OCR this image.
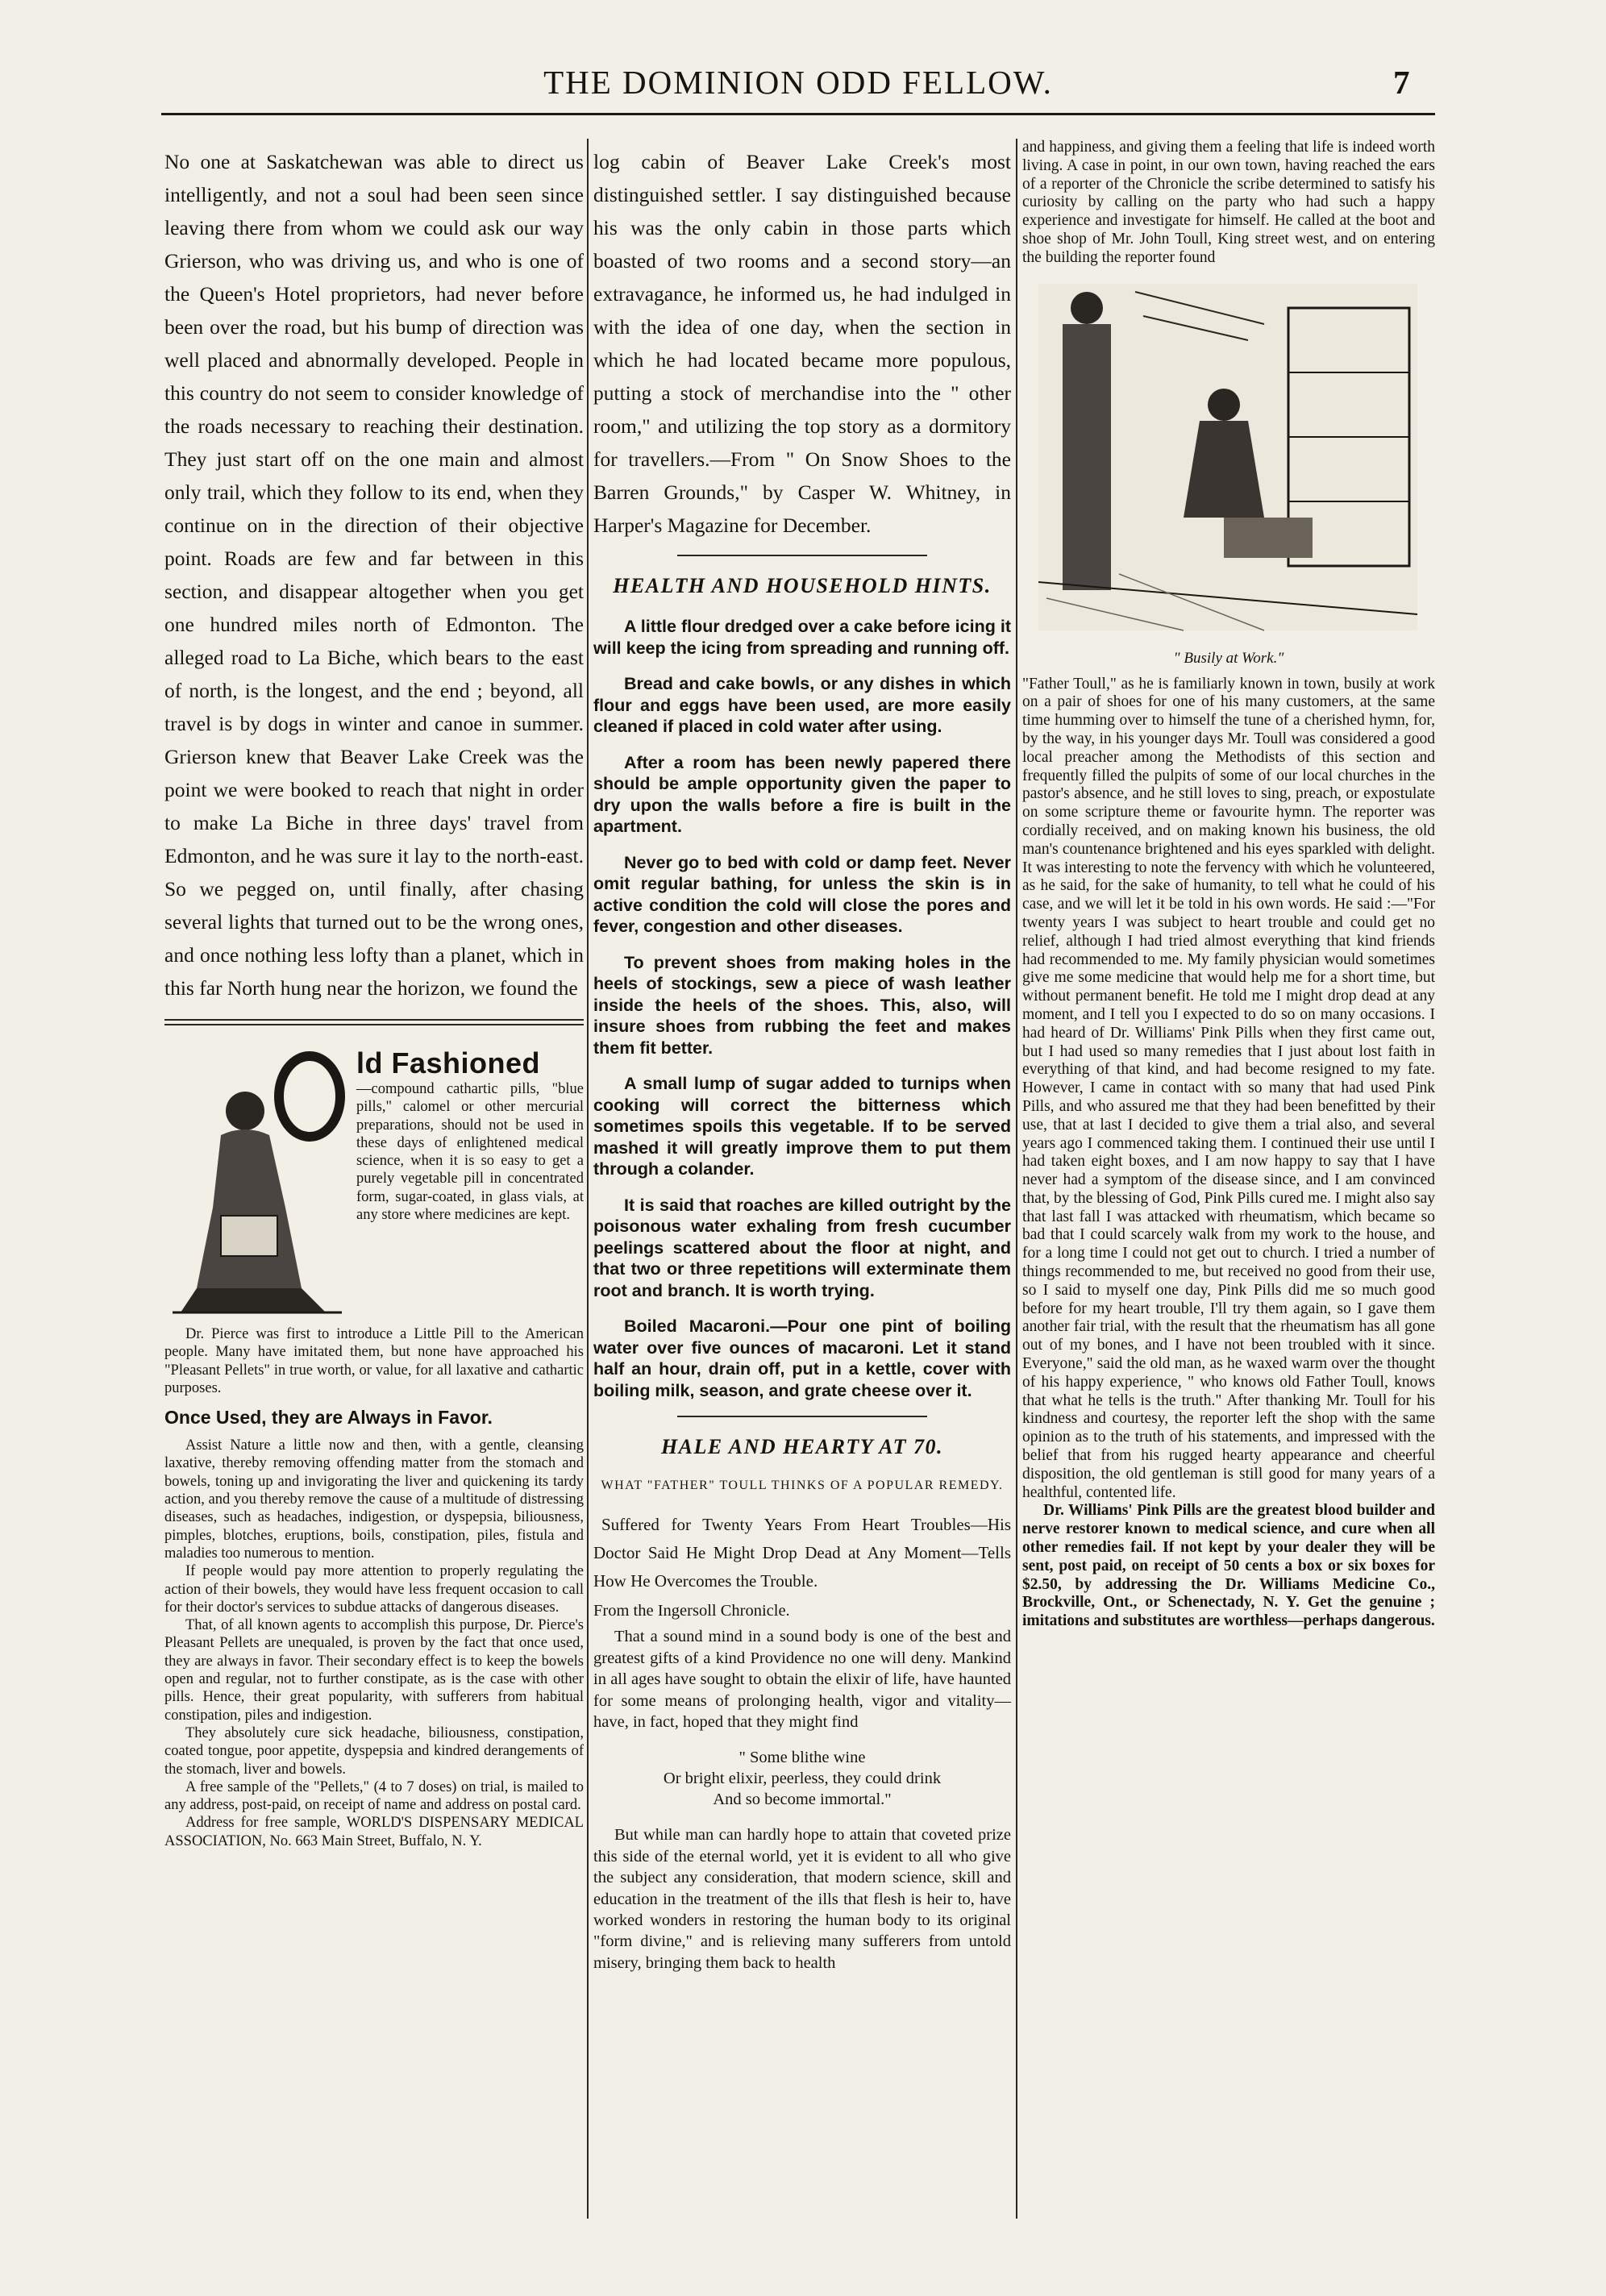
THE DOMINION ODD FELLOW.	7

No one at Saskatchewan was able to direct us intelligently, and not a soul had been seen since leaving there from whom we could ask our way Grierson, who was driving us, and who is one of the Queen's Hotel proprietors, had never before been over the road, but his bump of direction was well placed and abnormally developed. People in this country do not seem to consider knowledge of the roads necessary to reaching their destination. They just start off on the one main and almost only trail, which they follow to its end, when they continue on in the direction of their objective point. Roads are few and far between in this section, and disappear altogether when you get one hundred miles north of Edmonton. The alleged road to La Biche, which bears to the east of north, is the longest, and the end ; beyond, all travel is by dogs in winter and canoe in summer. Grierson knew that Beaver Lake Creek was the point we were booked to reach that night in order to make La Biche in three days' travel from Edmonton, and he was sure it lay to the north-east. So we pegged on, until finally, after chasing several lights that turned out to be the wrong ones, and once nothing less lofty than a planet, which in this far North hung near the horizon, we found the

ld Fashioned

—compound cathartic pills, "blue pills," calomel or other mercurial preparations, should not be used in these days of enlightened medical science, when it is so easy to get a purely vegetable pill in concentrated form, sugar-coated, in glass vials, at any store where medicines are kept.

Dr. Pierce was first to introduce a Little Pill to the American people. Many have imitated them, but none have approached his "Pleasant Pellets" in true worth, or value, for all laxative and cathartic purposes.

Once Used, they are Always in Favor.

Assist Nature a little now and then, with a gentle, cleansing laxative, thereby removing offending matter from the stomach and bowels, toning up and invigorating the liver and quickening its tardy action, and you thereby remove the cause of a multitude of distressing diseases, such as headaches, indigestion, or dyspepsia, biliousness, pimples, blotches, eruptions, boils, constipation, piles, fistula and maladies too numerous to mention.

If people would pay more attention to properly regulating the action of their bowels, they would have less frequent occasion to call for their doctor's services to subdue attacks of dangerous diseases.

That, of all known agents to accomplish this purpose, Dr. Pierce's Pleasant Pellets are unequaled, is proven by the fact that once used, they are always in favor. Their secondary effect is to keep the bowels open and regular, not to further constipate, as is the case with other pills. Hence, their great popularity, with sufferers from habitual constipation, piles and indigestion.

They absolutely cure sick headache, biliousness, constipation, coated tongue, poor appetite, dyspepsia and kindred derangements of the stomach, liver and bowels.

A free sample of the "Pellets," (4 to 7 doses) on trial, is mailed to any address, post-paid, on receipt of name and address on postal card.

Address for free sample, WORLD'S DISPENSARY MEDICAL ASSOCIATION, No. 663 Main Street, Buffalo, N. Y.

log cabin of Beaver Lake Creek's most distinguished settler. I say distinguished because his was the only cabin in those parts which boasted of two rooms and a second story—an extravagance, he informed us, he had indulged in with the idea of one day, when the section in which he had located became more populous, putting a stock of merchandise into the " other room," and utilizing the top story as a dormitory for travellers.—From " On Snow Shoes to the Barren Grounds," by Casper W. Whitney, in Harper's Magazine for December.

HEALTH AND HOUSEHOLD HINTS.

A little flour dredged over a cake before icing it will keep the icing from spreading and running off.

Bread and cake bowls, or any dishes in which flour and eggs have been used, are more easily cleaned if placed in cold water after using.

After a room has been newly papered there should be ample opportunity given the paper to dry upon the walls before a fire is built in the apartment.

Never go to bed with cold or damp feet. Never omit regular bathing, for unless the skin is in active condition the cold will close the pores and fever, congestion and other diseases.

To prevent shoes from making holes in the heels of stockings, sew a piece of wash leather inside the heels of the shoes. This, also, will insure shoes from rubbing the feet and makes them fit better.

A small lump of sugar added to turnips when cooking will correct the bitterness which sometimes spoils this vegetable. If to be served mashed it will greatly improve them to put them through a colander.

It is said that roaches are killed outright by the poisonous water exhaling from fresh cucumber peelings scattered about the floor at night, and that two or three repetitions will exterminate them root and branch. It is worth trying.

Boiled Macaroni.—Pour one pint of boiling water over five ounces of macaroni. Let it stand half an hour, drain off, put in a kettle, cover with boiling milk, season, and grate cheese over it.

HALE AND HEARTY AT 70.
WHAT "FATHER" TOULL THINKS OF A POPULAR REMEDY.

Suffered for Twenty Years From Heart Troubles—His Doctor Said He Might Drop Dead at Any Moment—Tells How He Overcomes the Trouble.

From the Ingersoll Chronicle.

That a sound mind in a sound body is one of the best and greatest gifts of a kind Providence no one will deny. Mankind in all ages have sought to obtain the elixir of life, have haunted for some means of prolonging health, vigor and vitality—have, in fact, hoped that they might find

" Some blithe wine
Or bright elixir, peerless, they could drink
And so become immortal."

But while man can hardly hope to attain that coveted prize this side of the eternal world, yet it is evident to all who give the subject any consideration, that modern science, skill and education in the treatment of the ills that flesh is heir to, have worked wonders in restoring the human body to its original "form divine," and is relieving many sufferers from untold misery, bringing them back to health

and happiness, and giving them a feeling that life is indeed worth living. A case in point, in our own town, having reached the ears of a reporter of the Chronicle the scribe determined to satisfy his curiosity by calling on the party who had such a happy experience and investigate for himself. He called at the boot and shoe shop of Mr. John Toull, King street west, and on entering the building the reporter found

" Busily at Work."

"Father Toull," as he is familiarly known in town, busily at work on a pair of shoes for one of his many customers, at the same time humming over to himself the tune of a cherished hymn, for, by the way, in his younger days Mr. Toull was considered a good local preacher among the Methodists of this section and frequently filled the pulpits of some of our local churches in the pastor's absence, and he still loves to sing, preach, or expostulate on some scripture theme or favourite hymn. The reporter was cordially received, and on making known his business, the old man's countenance brightened and his eyes sparkled with delight. It was interesting to note the fervency with which he volunteered, as he said, for the sake of humanity, to tell what he could of his case, and we will let it be told in his own words. He said :—"For twenty years I was subject to heart trouble and could get no relief, although I had tried almost everything that kind friends had recommended to me. My family physician would sometimes give me some medicine that would help me for a short time, but without permanent benefit. He told me I might drop dead at any moment, and I tell you I expected to do so on many occasions. I had heard of Dr. Williams' Pink Pills when they first came out, but I had used so many remedies that I just about lost faith in everything of that kind, and had become resigned to my fate. However, I came in contact with so many that had used Pink Pills, and who assured me that they had been benefitted by their use, that at last I decided to give them a trial also, and several years ago I commenced taking them. I continued their use until I had taken eight boxes, and I am now happy to say that I have never had a symptom of the disease since, and I am convinced that, by the blessing of God, Pink Pills cured me. I might also say that last fall I was attacked with rheumatism, which became so bad that I could scarcely walk from my work to the house, and for a long time I could not get out to church. I tried a number of things recommended to me, but received no good from their use, so I said to myself one day, Pink Pills did me so much good before for my heart trouble, I'll try them again, so I gave them another fair trial, with the result that the rheumatism has all gone out of my bones, and I have not been troubled with it since. Everyone," said the old man, as he waxed warm over the thought of his happy experience, " who knows old Father Toull, knows that what he tells is the truth." After thanking Mr. Toull for his kindness and courtesy, the reporter left the shop with the same opinion as to the truth of his statements, and impressed with the belief that from his rugged hearty appearance and cheerful disposition, the old gentleman is still good for many years of a healthful, contented life.

Dr. Williams' Pink Pills are the greatest blood builder and nerve restorer known to medical science, and cure when all other remedies fail. If not kept by your dealer they will be sent, post paid, on receipt of 50 cents a box or six boxes for $2.50, by addressing the Dr. Williams Medicine Co., Brockville, Ont., or Schenectady, N. Y. Get the genuine ; imitations and substitutes are worthless—perhaps dangerous.
